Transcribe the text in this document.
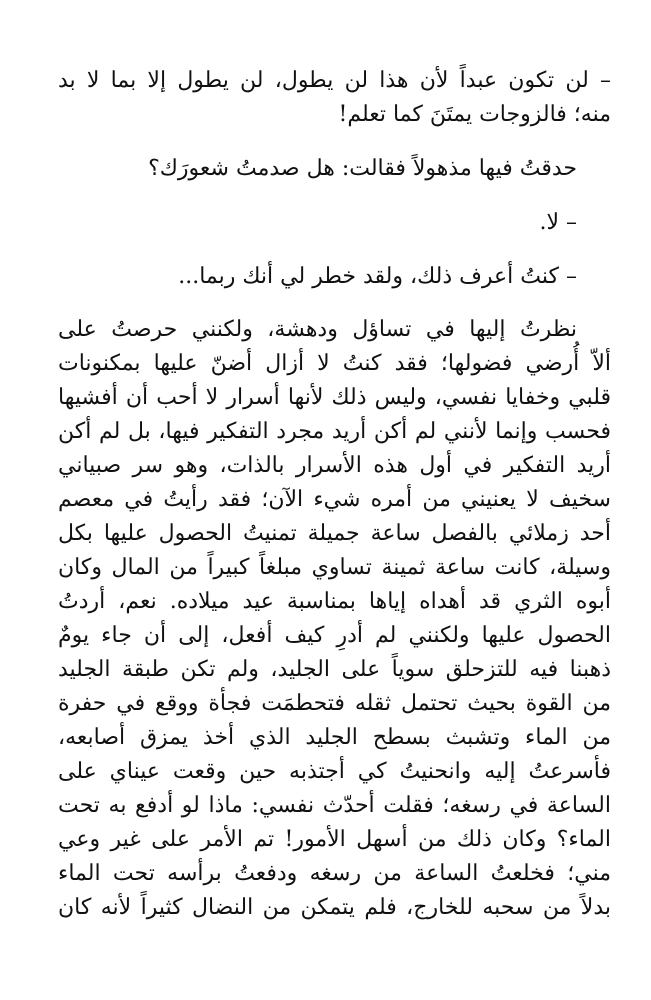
– لن تكون عبداً لأن هذا لن يطول، لن يطول إلا بما لا بد
منه؛ فالزوجات يمتَنَ كما تعلم!
حدقتُ فيها مذهولاً فقالت: هل صدمتُ شعورَك؟
– لا.
– كنتُ أعرف ذلك، ولقد خطر لي أنك ربما...
نظرتُ إليها في تساؤل ودهشة، ولكنني حرصتُ على
ألاّ أُرضي فضولها؛ فقد كنتُ لا أزال أضنّ عليها بمكنونات
قلبي وخفايا نفسي، وليس ذلك لأنها أسرار لا أحب أن أفشيها
فحسب وإنما لأنني لم أكن أريد مجرد التفكير فيها، بل لم أكن
أريد التفكير في أول هذه الأسرار بالذات، وهو سر صبياني
سخيف لا يعنيني من أمره شيء الآن؛ فقد رأيتُ في معصم
أحد زملائي بالفصل ساعة جميلة تمنيتُ الحصول عليها بكل
وسيلة، كانت ساعة ثمينة تساوي مبلغاً كبيراً من المال وكان
أبوه الثري قد أهداه إياها بمناسبة عيد ميلاده. نعم، أردتُ
الحصول عليها ولكنني لم أدرِ كيف أفعل، إلى أن جاء يومٌ
ذهبنا فيه للتزحلق سوياً على الجليد، ولم تكن طبقة الجليد
من القوة بحيث تحتمل ثقله فتحطمَت فجأة ووقع في حفرة
من الماء وتشبث بسطح الجليد الذي أخذ يمزق أصابعه،
فأسرعتُ إليه وانحنيتُ كي أجتذبه حين وقعت عيناي على
الساعة في رسغه؛ فقلت أحدّث نفسي: ماذا لو أدفع به تحت
الماء؟ وكان ذلك من أسهل الأمور! تم الأمر على غير وعي
مني؛ فخلعتُ الساعة من رسغه ودفعتُ برأسه تحت الماء
بدلاً من سحبه للخارج، فلم يتمكن من النضال كثيراً لأنه كان
